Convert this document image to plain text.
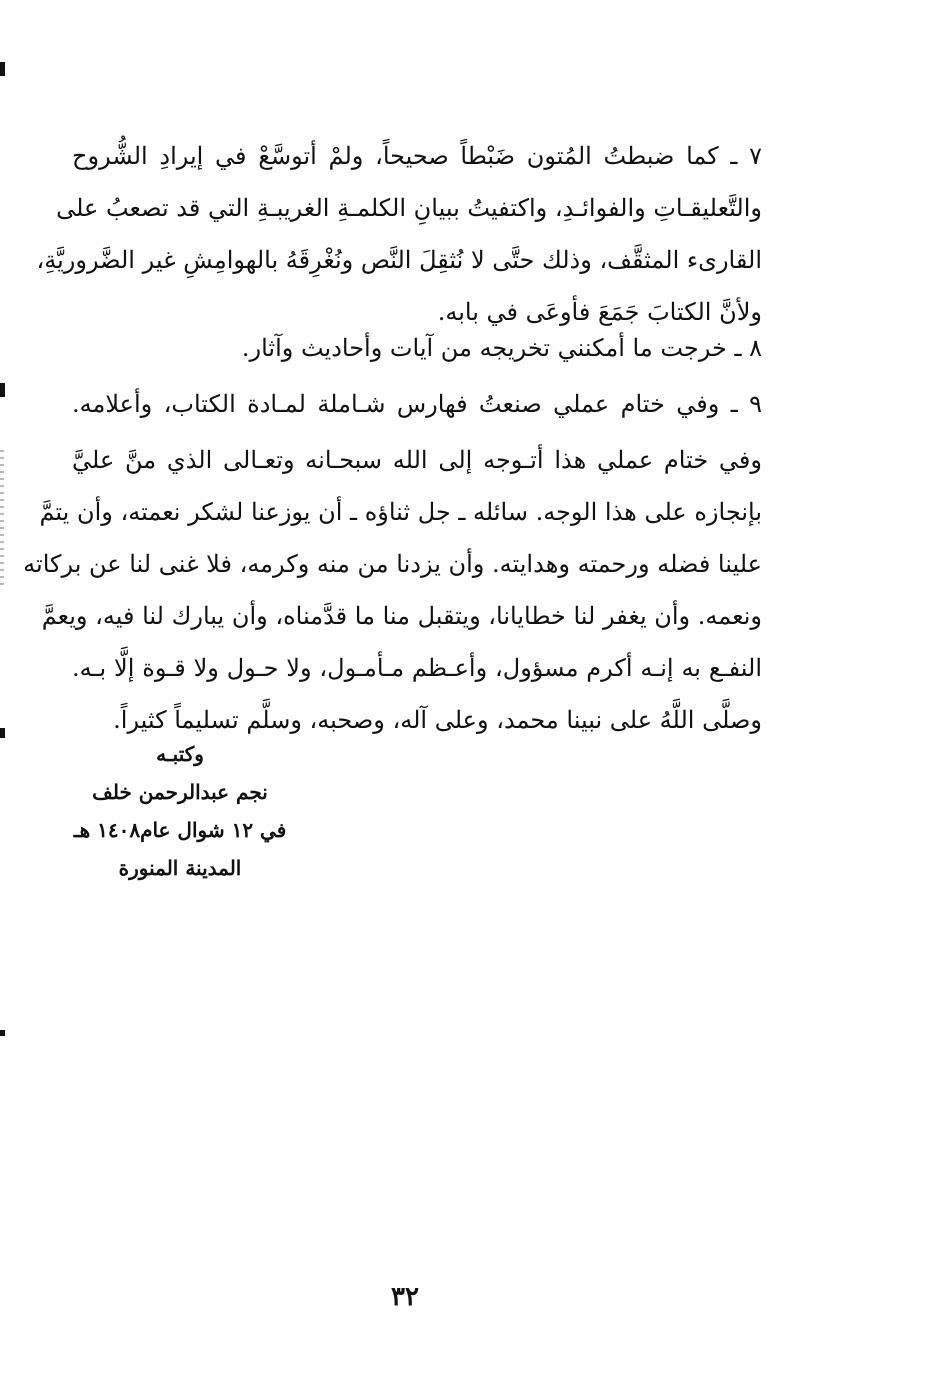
٧ ـ كما ضبطتُ المُتون ضَبْطاً صحيحاً، ولمْ أتوسَّعْ في إيرادِ الشُّروح
والتَّعليقـاتِ والفوائـدِ، واكتفيتُ ببيانِ الكلمـةِ الغريبـةِ التي قد تصعبُ على
القارىء المثقَّف، وذلك حتَّى لا نُثقِلَ النَّص ونُغْرِقَهُ بالهوامِشِ غير الضَّروريَّةِ،
ولأنَّ الكتابَ جَمَعَ فأوعَى في بابه.
٨ ـ خرجت ما أمكنني تخريجه من آيات وأحاديث وآثار.
٩ ـ وفي ختام عملي صنعتُ فهارس شـاملة لمـادة الكتاب، وأعلامه.
وفي ختام عملي هذا أتـوجه إلى الله سبحـانه وتعـالى الذي منَّ عليَّ
بإنجازه على هذا الوجه. سائله ـ جل ثناؤه ـ أن يوزعنا لشكر نعمته، وأن يتمَّ
علينا فضله ورحمته وهدايته. وأن يزدنا من منه وكرمه، فلا غنى لنا عن بركاته
ونعمه. وأن يغفر لنا خطايانا، ويتقبل منا ما قدَّمناه، وأن يبارك لنا فيه، ويعمَّ
النفـع به إنـه أكرم مسؤول، وأعـظم مـأمـول، ولا حـول ولا قـوة إلَّا بـه.
وصلَّى اللَّهُ على نبينا محمد، وعلى آله، وصحبه، وسلَّم تسليماً كثيراً.
وكتبـه
نجم عبدالرحمن خلف
في ١٢ شوال عام١٤٠٨ هـ
المدينة المنورة
٣٢
